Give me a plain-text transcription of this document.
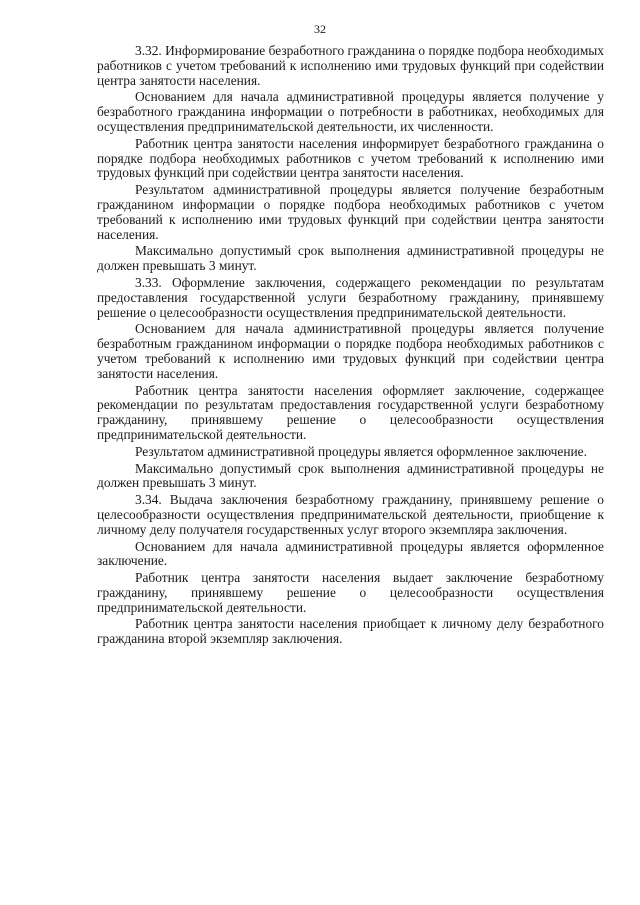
32

3.32. Информирование безработного гражданина о порядке подбора необходимых работников с учетом требований к исполнению ими трудовых функций при содействии центра занятости населения.

Основанием для начала административной процедуры является получение у безработного гражданина информации о потребности в работниках, необходимых для осуществления предпринимательской деятельности, их численности.

Работник центра занятости населения информирует безработного гражданина о порядке подбора необходимых работников с учетом требований к исполнению ими трудовых функций при содействии центра занятости населения.

Результатом административной процедуры является получение безработным гражданином информации о порядке подбора необходимых работников с учетом требований к исполнению ими трудовых функций при содействии центра занятости населения.

Максимально допустимый срок выполнения административной процедуры не должен превышать 3 минут.

3.33. Оформление заключения, содержащего рекомендации по результатам предоставления государственной услуги безработному гражданину, принявшему решение о целесообразности осуществления предпринимательской деятельности.

Основанием для начала административной процедуры является получение безработным гражданином информации о порядке подбора необходимых работников с учетом требований к исполнению ими трудовых функций при содействии центра занятости населения.

Работник центра занятости населения оформляет заключение, содержащее рекомендации по результатам предоставления государственной услуги безработному гражданину, принявшему решение о целесообразности осуществления предпринимательской деятельности.

Результатом административной процедуры является оформленное заключение.

Максимально допустимый срок выполнения административной процедуры не должен превышать 3 минут.

3.34. Выдача заключения безработному гражданину, принявшему решение о целесообразности осуществления предпринимательской деятельности, приобщение к личному делу получателя государственных услуг второго экземпляра заключения.

Основанием для начала административной процедуры является оформленное заключение.

Работник центра занятости населения выдает заключение безработному гражданину, принявшему решение о целесообразности осуществления предпринимательской деятельности.

Работник центра занятости населения приобщает к личному делу безработного гражданина второй экземпляр заключения.
